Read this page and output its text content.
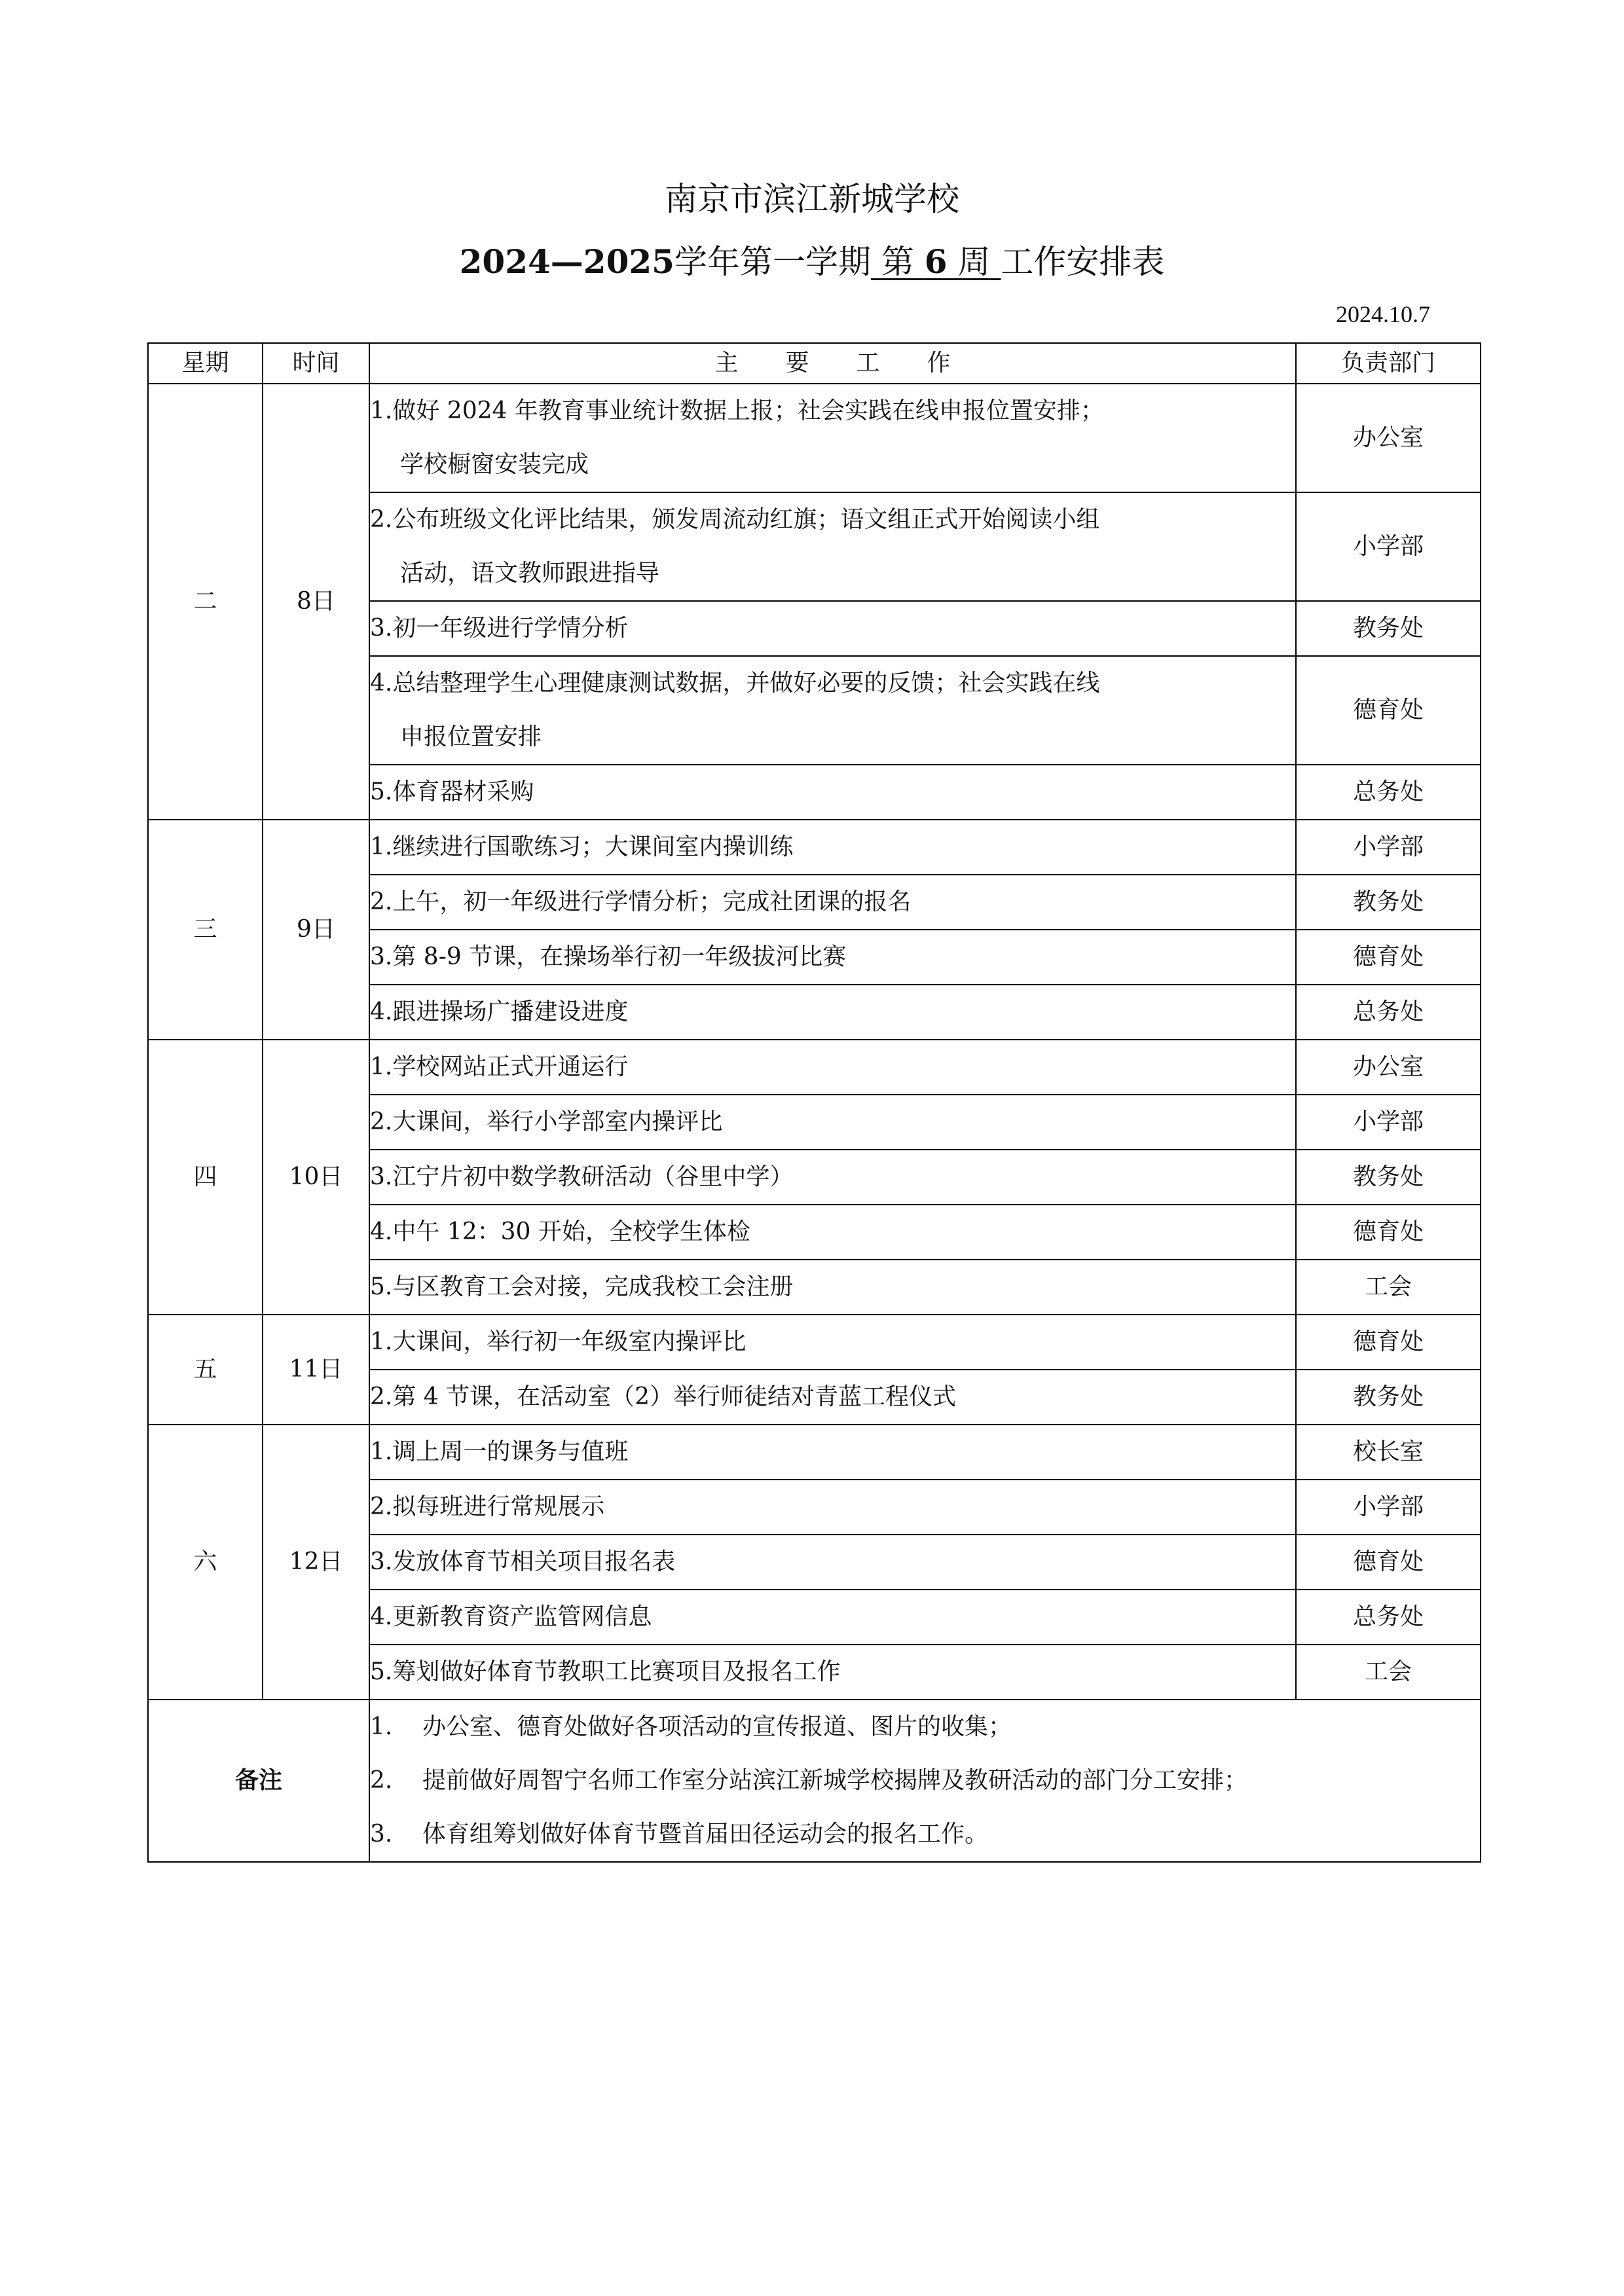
南京市滨江新城学校
2024—2025学年第一学期 第 6 周 工作安排表
2024.10.7
星期	时间	主　　要　　工　　作	负责部门
二	8日	1.做好 2024 年教育事业统计数据上报；社会实践在线申报位置安排；
学校橱窗安装完成	办公室

		2.公布班级文化评比结果，颁发周流动红旗；语文组正式开始阅读小组
活动，语文教师跟进指导	小学部
		3.初一年级进行学情分析	教务处

		4.总结整理学生心理健康测试数据，并做好必要的反馈；社会实践在线
申报位置安排	德育处
		5.体育器材采购	总务处
三	9日	1.继续进行国歌练习；大课间室内操训练	小学部
		2.上午，初一年级进行学情分析；完成社团课的报名	教务处
		3.第 8-9 节课，在操场举行初一年级拔河比赛	德育处
		4.跟进操场广播建设进度	总务处
四	10日	1.学校网站正式开通运行	办公室
		2.大课间，举行小学部室内操评比	小学部
		3.江宁片初中数学教研活动（谷里中学）	教务处
		4.中午 12：30 开始，全校学生体检	德育处
		5.与区教育工会对接，完成我校工会注册	工会
五	11日	1.大课间，举行初一年级室内操评比	德育处
		2.第 4 节课，在活动室（2）举行师徒结对青蓝工程仪式	教务处
六	12日	1.调上周一的课务与值班	校长室
		2.拟每班进行常规展示	小学部
		3.发放体育节相关项目报名表	德育处
		4.更新教育资产监管网信息	总务处
		5.筹划做好体育节教职工比赛项目及报名工作	工会
备注		1. 办公室、德育处做好各项活动的宣传报道、图片的收集；
2. 提前做好周智宁名师工作室分站滨江新城学校揭牌及教研活动的部门分工安排；
3. 体育组筹划做好体育节暨首届田径运动会的报名工作。	
